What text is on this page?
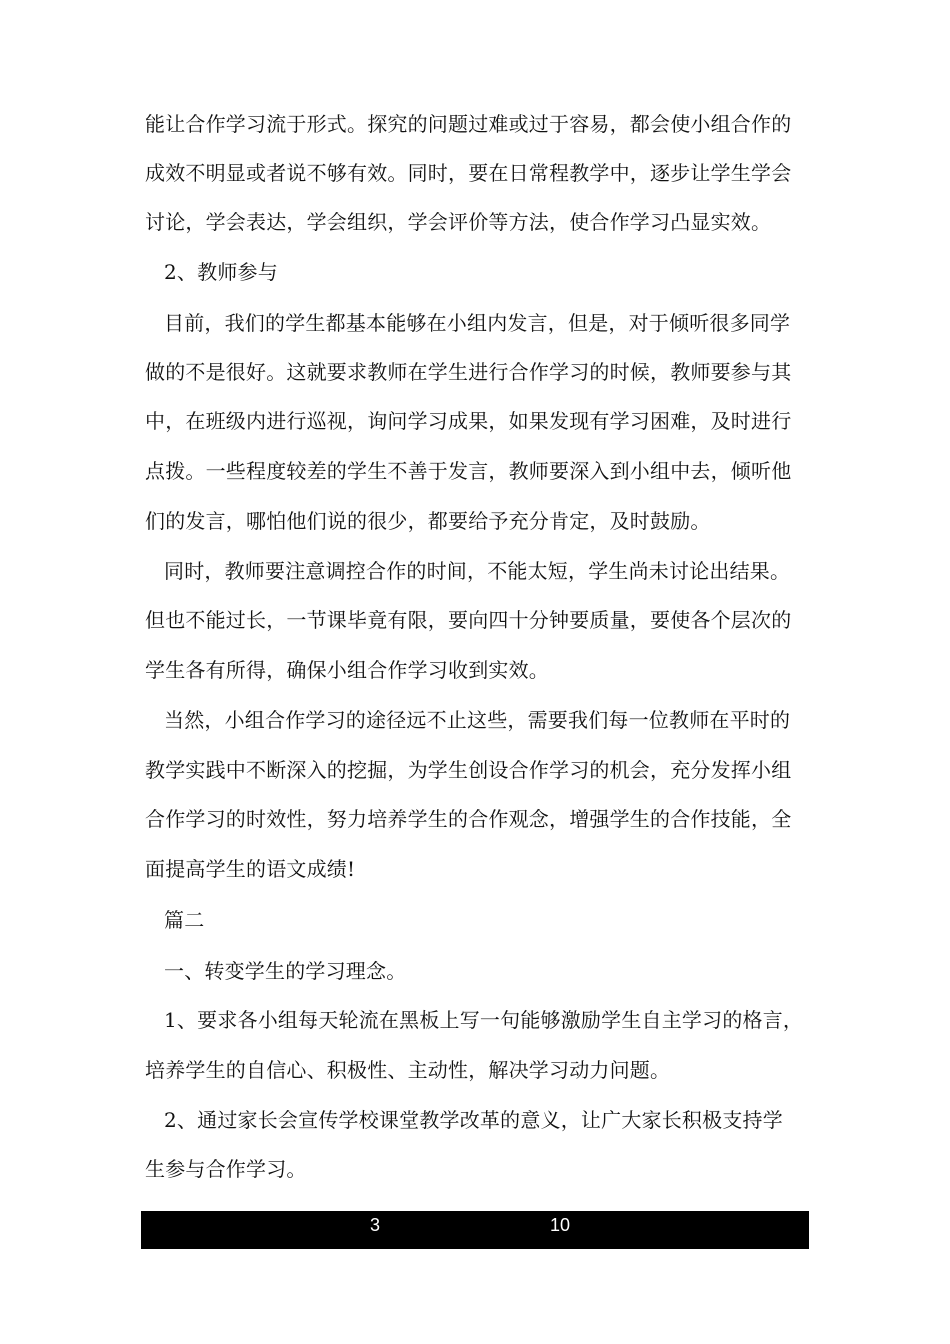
能让合作学习流于形式。探究的问题过难或过于容易，都会使小组合作的
成效不明显或者说不够有效。同时，要在日常程教学中，逐步让学生学会
讨论，学会表达，学会组织，学会评价等方法，使合作学习凸显实效。
2、教师参与
目前，我们的学生都基本能够在小组内发言，但是，对于倾听很多同学
做的不是很好。这就要求教师在学生进行合作学习的时候，教师要参与其
中，在班级内进行巡视，询问学习成果，如果发现有学习困难，及时进行
点拨。一些程度较差的学生不善于发言，教师要深入到小组中去，倾听他
们的发言，哪怕他们说的很少，都要给予充分肯定，及时鼓励。
同时，教师要注意调控合作的时间，不能太短，学生尚未讨论出结果。
但也不能过长，一节课毕竟有限，要向四十分钟要质量，要使各个层次的
学生各有所得，确保小组合作学习收到实效。
当然，小组合作学习的途径远不止这些，需要我们每一位教师在平时的
教学实践中不断深入的挖掘，为学生创设合作学习的机会，充分发挥小组
合作学习的时效性，努力培养学生的合作观念，增强学生的合作技能，全
面提高学生的语文成绩!
篇二
一、转变学生的学习理念。
1、要求各小组每天轮流在黑板上写一句能够激励学生自主学习的格言，
培养学生的自信心、积极性、主动性，解决学习动力问题。
2、通过家长会宣传学校课堂教学改革的意义，让广大家长积极支持学
生参与合作学习。
3	10
